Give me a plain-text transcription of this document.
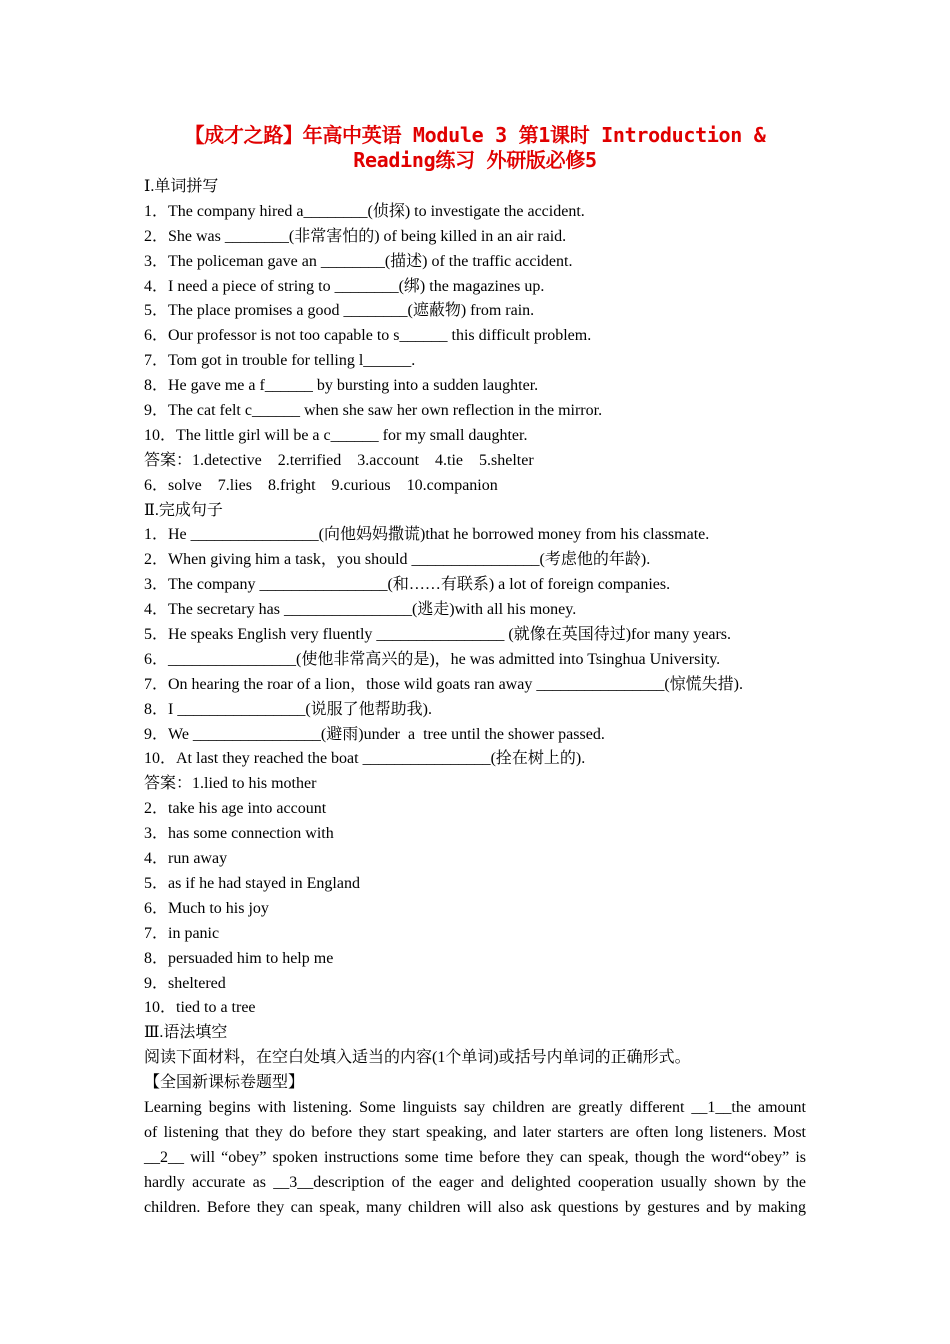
【成才之路】年高中英语 Module 3 第1课时 Introduction &
Reading练习 外研版必修5
Ⅰ.单词拼写
1．The company hired a________(侦探) to investigate the accident.
2．She was ________(非常害怕的) of being killed in an air raid.
3．The policeman gave an ________(描述) of the traffic accident.
4．I need a piece of string to ________(绑) the magazines up.
5．The place promises a good ________(遮蔽物) from rain.
6．Our professor is not too capable to s______ this difficult problem.
7．Tom got in trouble for telling l______.
8．He gave me a f______ by bursting into a sudden laughter.
9．The cat felt c______ when she saw her own reflection in the mirror.
10．The little girl will be a c______ for my small daughter.
答案：1.detective    2.terrified    3.account    4.tie    5.shelter
6．solve    7.lies    8.fright    9.curious    10.companion
Ⅱ.完成句子
1．He ________________(向他妈妈撒谎)that he borrowed money from his classmate.
2．When giving him a task，you should ________________(考虑他的年龄).
3．The company ________________(和……有联系) a lot of foreign companies.
4．The secretary has ________________(逃走)with all his money.
5．He speaks English very fluently ________________ (就像在英国待过)for many years.
6．________________(使他非常高兴的是)，he was admitted into Tsinghua University.
7．On hearing the roar of a lion，those wild goats ran away ________________(惊慌失措).
8．I ________________(说服了他帮助我).
9．We ________________(避雨)under  a  tree until the shower passed.
10．At last they reached the boat ________________(拴在树上的).
答案：1.lied to his mother
2．take his age into account
3．has some connection with
4．run away
5．as if he had stayed in England
6．Much to his joy
7．in panic
8．persuaded him to help me
9．sheltered
10．tied to a tree
Ⅲ.语法填空
阅读下面材料，在空白处填入适当的内容(1个单词)或括号内单词的正确形式。
【全国新课标卷题型】
Learning begins with listening. Some linguists say children are greatly different __1__the amount
of listening that they do before they start speaking, and later starters are often long listeners. Most
__2__ will “obey” spoken instructions some time before they can speak, though the word“obey” is
hardly accurate as __3__description of the eager and delighted cooperation usually shown by the
children. Before they can speak, many children will also ask questions by gestures and by making
